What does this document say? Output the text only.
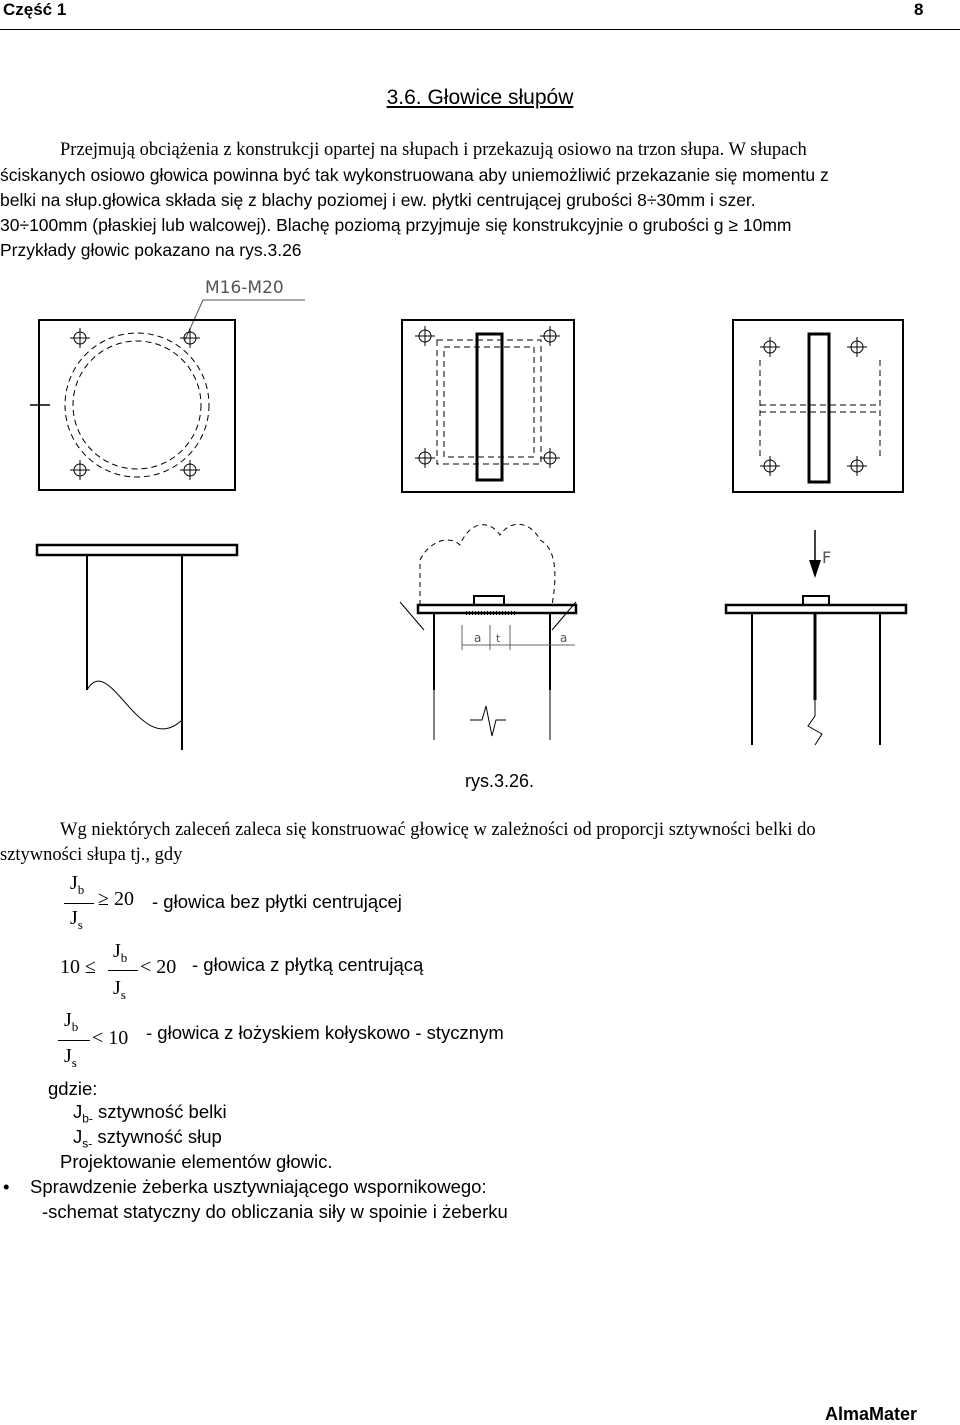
Część 1	8
3.6. Głowice słupów
Przejmują obciążenia z konstrukcji opartej na słupach i przekazują osiowo na trzon słupa. W słupach
ściskanych osiowo głowica powinna być tak wykonstruowana aby uniemożliwić przekazanie się momentu z
belki na słup.głowica składa się z blachy poziomej i ew. płytki centrującej grubości 8÷30mm i szer.
30÷100mm (płaskiej lub walcowej). Blachę poziomą przyjmuje się konstrukcyjnie o grubości g ≥ 10mm
Przykłady głowic pokazano na rys.3.26
M16-M20
a t	a
F
rys.3.26.
Wg niektórych zaleceń zaleca się konstruować głowicę w zależności od proporcji sztywności belki do
sztywności słupa tj., gdy
$J_b$
$J_s$
≥ 20 - głowica bez płytki centrującej
10 ≤
$J_b$
$J_s$
< 20 - głowica z płytką centrującą
$J_b$
$J_s$
< 10 - głowica z łożyskiem kołyskowo - stycznym
gdzie:
$J_{b-}$ sztywność belki
$J_{s-}$ sztywność słup
Projektowanie elementów głowic.
• Sprawdzenie żeberka usztywniającego wspornikowego:
-schemat statyczny do obliczania siły w spoinie i żeberku
AlmaMater
